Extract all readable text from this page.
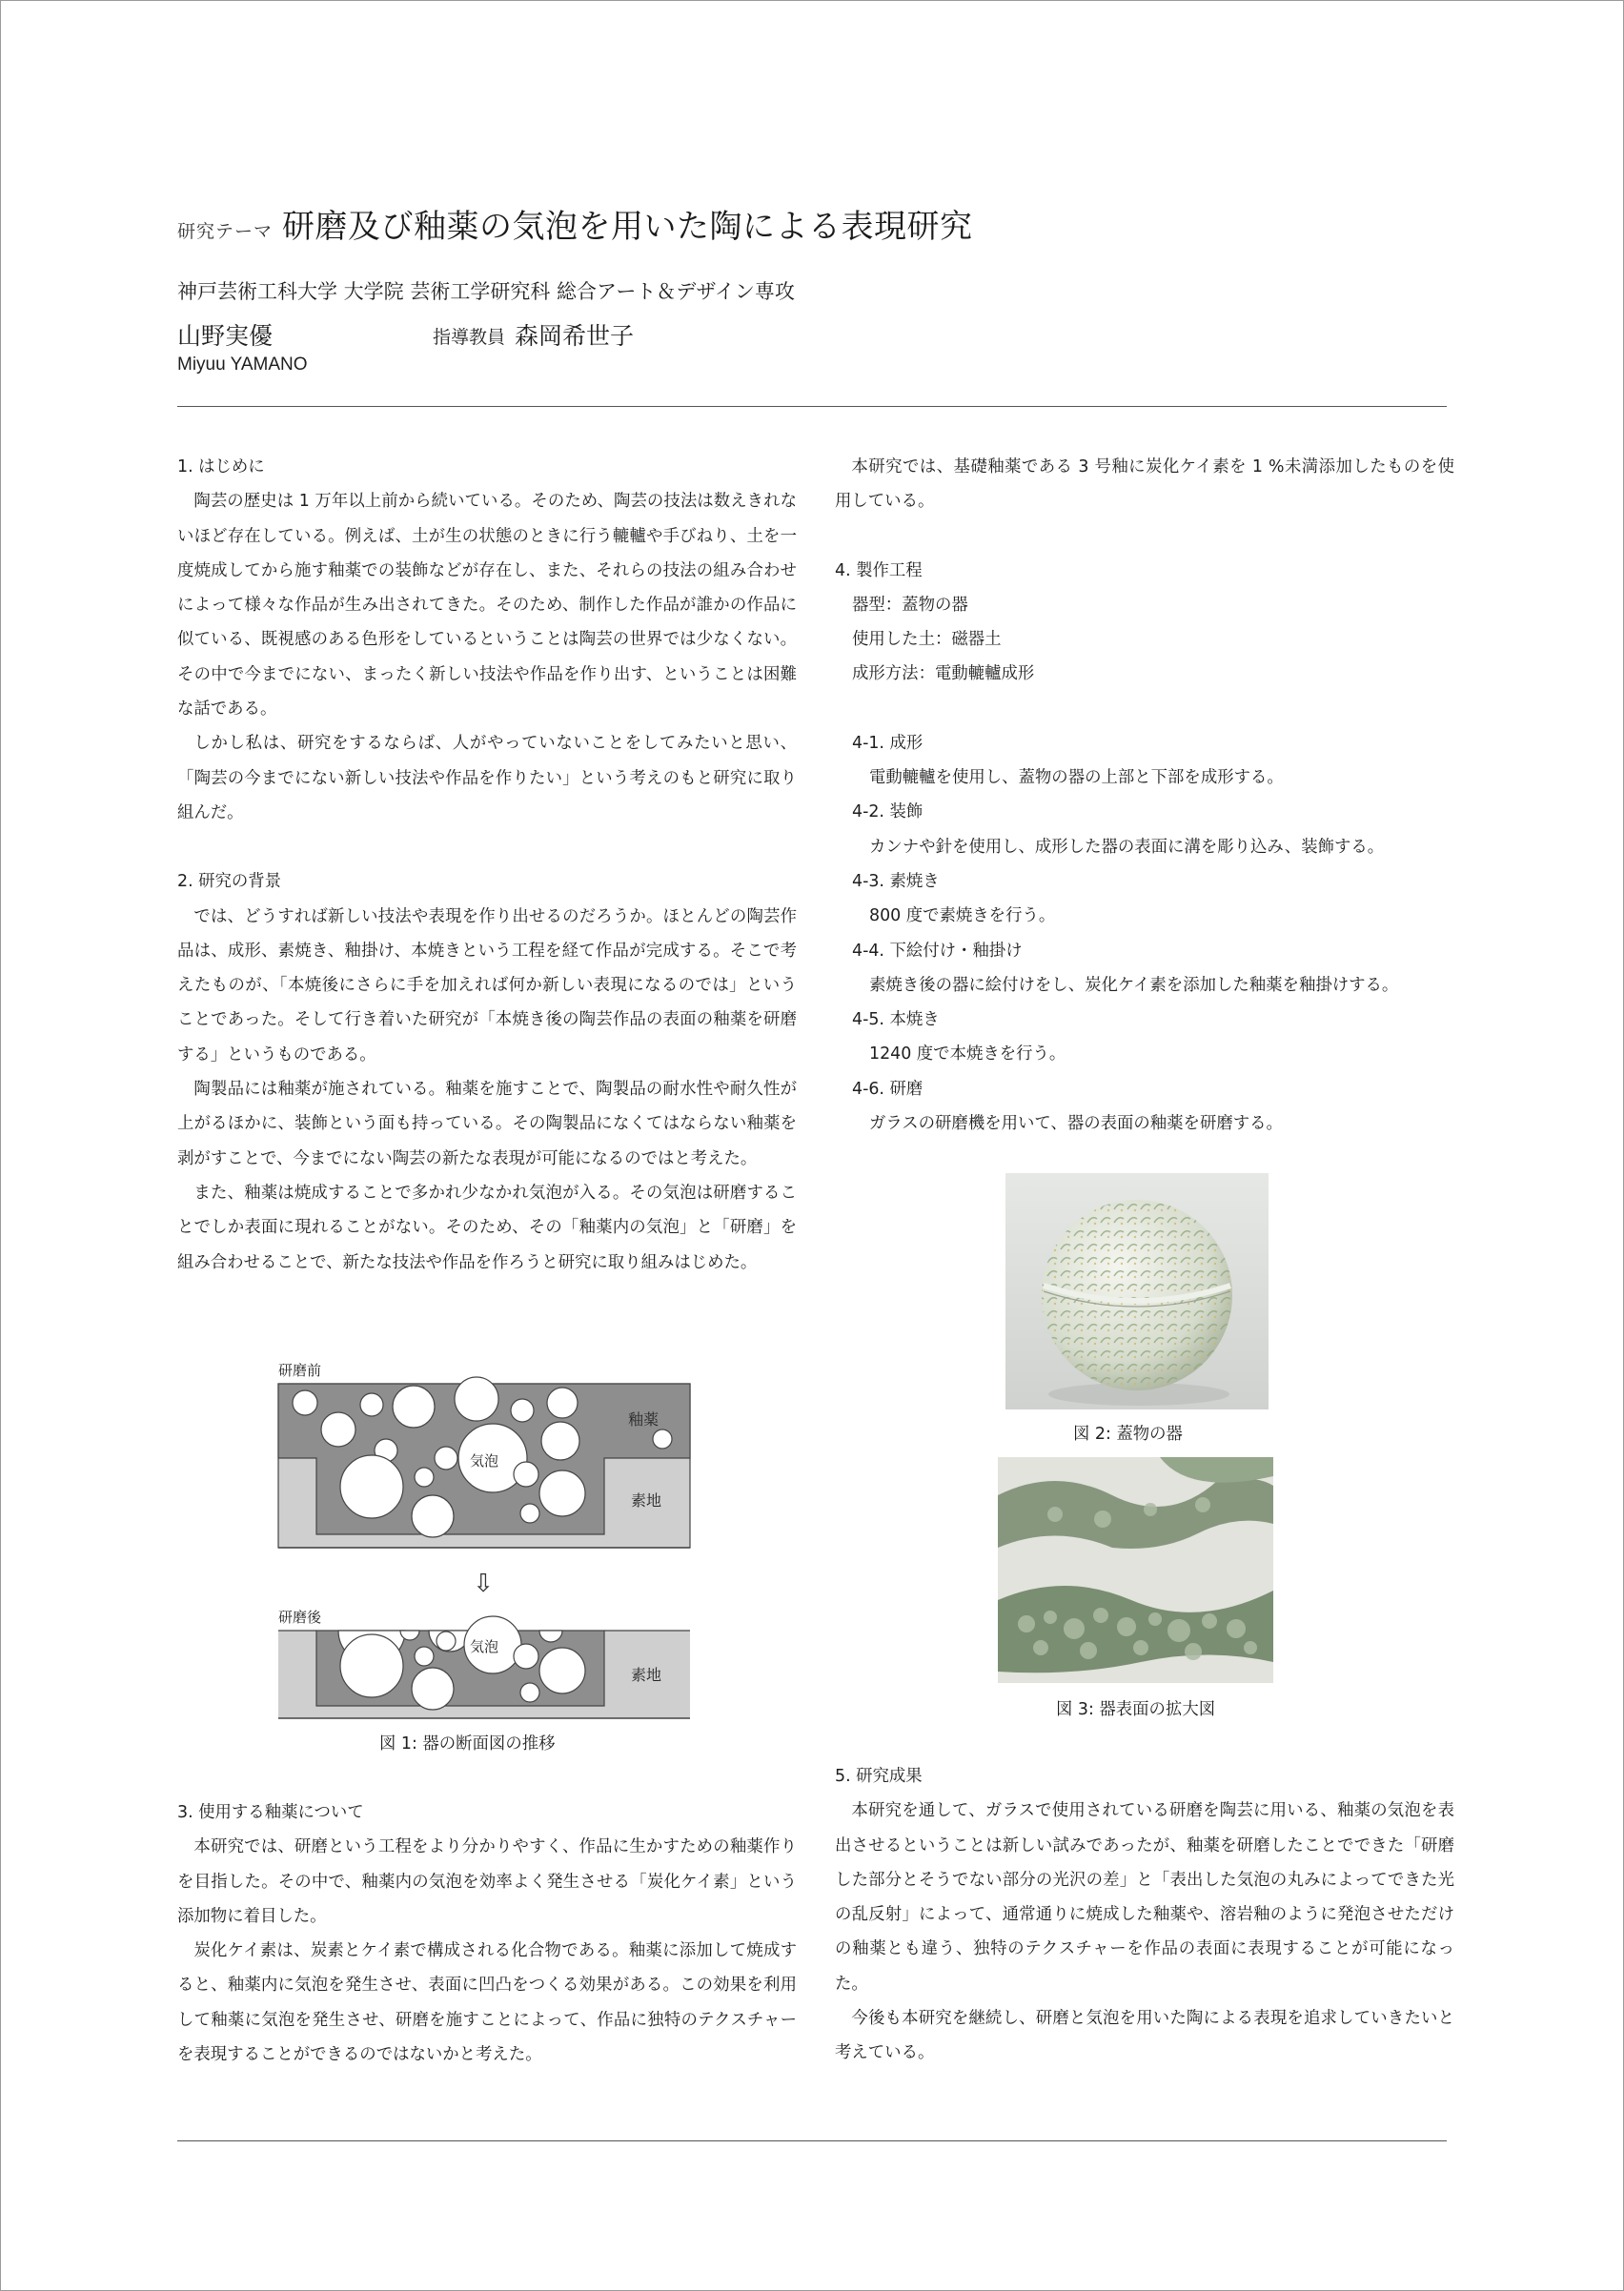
研究テーマ 研磨及び釉薬の気泡を用いた陶による表現研究
神戸芸術工科大学 大学院 芸術工学研究科 総合アート＆デザイン専攻
山野実優	指導教員 森岡希世子
Miyuu YAMANO

1. はじめに

陶芸の歴史は 1 万年以上前から続いている。そのため、陶芸の技法は数えきれないほど存在している。例えば、土が生の状態のときに行う轆轤や手びねり、土を一度焼成してから施す釉薬での装飾などが存在し、また、それらの技法の組み合わせによって様々な作品が生み出されてきた。そのため、制作した作品が誰かの作品に似ている、既視感のある色形をしているということは陶芸の世界では少なくない。その中で今までにない、まったく新しい技法や作品を作り出す、ということは困難な話である。

しかし私は、研究をするならば、人がやっていないことをしてみたいと思い、「陶芸の今までにない新しい技法や作品を作りたい」という考えのもと研究に取り組んだ。

2. 研究の背景

では、どうすれば新しい技法や表現を作り出せるのだろうか。ほとんどの陶芸作品は、成形、素焼き、釉掛け、本焼きという工程を経て作品が完成する。そこで考えたものが、「本焼後にさらに手を加えれば何か新しい表現になるのでは」ということであった。そして行き着いた研究が「本焼き後の陶芸作品の表面の釉薬を研磨する」というものである。

陶製品には釉薬が施されている。釉薬を施すことで、陶製品の耐水性や耐久性が上がるほかに、装飾という面も持っている。その陶製品になくてはならない釉薬を剥がすことで、今までにない陶芸の新たな表現が可能になるのではと考えた。

また、釉薬は焼成することで多かれ少なかれ気泡が入る。その気泡は研磨することでしか表面に現れることがない。そのため、その「釉薬内の気泡」と「研磨」を組み合わせることで、新たな技法や作品を作ろうと研究に取り組みはじめた。

研磨前
気泡
釉薬
素地
⇩
研磨後
気泡
素地
図 1: 器の断面図の推移

3. 使用する釉薬について

本研究では、研磨という工程をより分かりやすく、作品に生かすための釉薬作りを目指した。その中で、釉薬内の気泡を効率よく発生させる「炭化ケイ素」という添加物に着目した。

炭化ケイ素は、炭素とケイ素で構成される化合物である。釉薬に添加して焼成すると、釉薬内に気泡を発生させ、表面に凹凸をつくる効果がある。この効果を利用して釉薬に気泡を発生させ、研磨を施すことによって、作品に独特のテクスチャーを表現することができるのではないかと考えた。

本研究では、基礎釉薬である 3 号釉に炭化ケイ素を 1 %未満添加したものを使用している。

4. 製作工程

器型：蓋物の器

使用した土：磁器土

成形方法：電動轆轤成形

4-1. 成形

電動轆轤を使用し、蓋物の器の上部と下部を成形する。

4-2. 装飾

カンナや針を使用し、成形した器の表面に溝を彫り込み、装飾する。

4-3. 素焼き

800 度で素焼きを行う。

4-4. 下絵付け・釉掛け

素焼き後の器に絵付けをし、炭化ケイ素を添加した釉薬を釉掛けする。

4-5. 本焼き

1240 度で本焼きを行う。

4-6. 研磨

ガラスの研磨機を用いて、器の表面の釉薬を研磨する。

図 2: 蓋物の器
図 3: 器表面の拡大図

5. 研究成果

本研究を通して、ガラスで使用されている研磨を陶芸に用いる、釉薬の気泡を表出させるということは新しい試みであったが、釉薬を研磨したことでできた「研磨した部分とそうでない部分の光沢の差」と「表出した気泡の丸みによってできた光の乱反射」によって、通常通りに焼成した釉薬や、溶岩釉のように発泡させただけの釉薬とも違う、独特のテクスチャーを作品の表面に表現することが可能になった。

今後も本研究を継続し、研磨と気泡を用いた陶による表現を追求していきたいと考えている。
